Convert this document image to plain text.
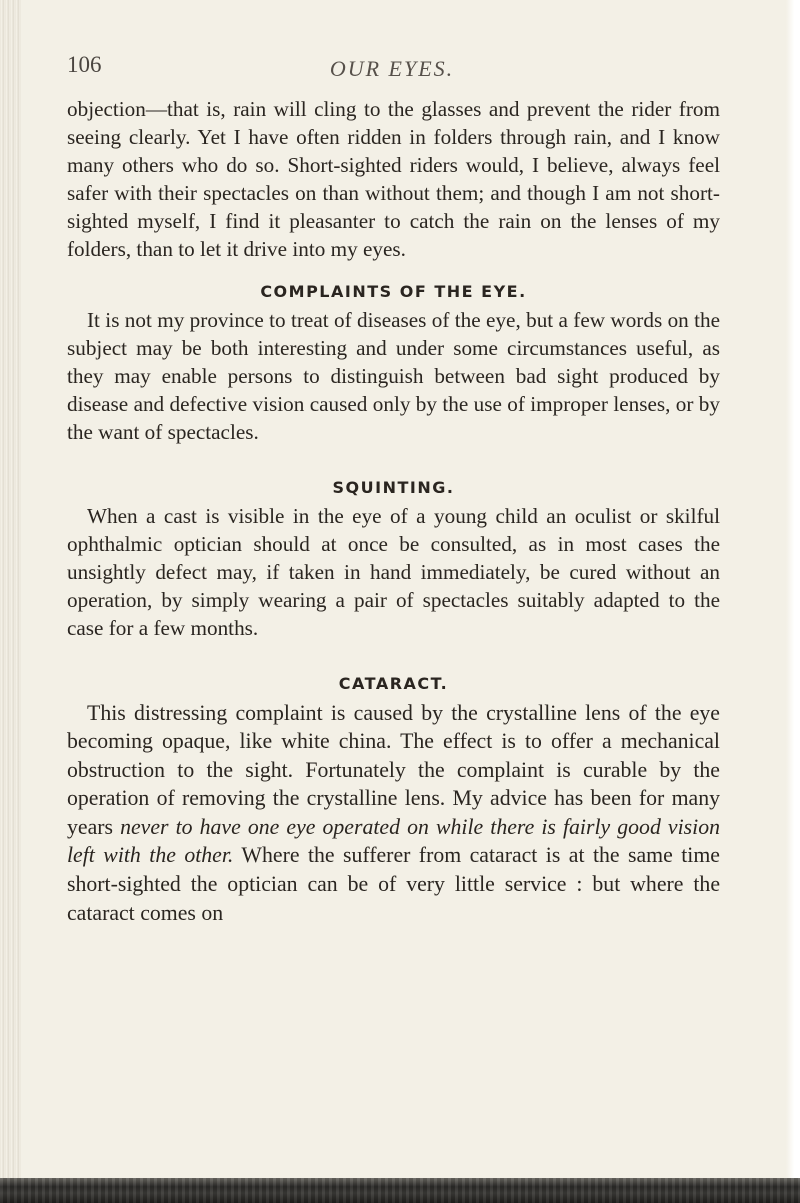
106	OUR EYES.

objection—that is, rain will cling to the glasses and prevent the rider from seeing clearly. Yet I have often ridden in folders through rain, and I know many others who do so. Short-sighted riders would, I believe, always feel safer with their spectacles on than without them; and though I am not short-sighted myself, I find it pleasanter to catch the rain on the lenses of my folders, than to let it drive into my eyes.

COMPLAINTS OF THE EYE.

It is not my province to treat of diseases of the eye, but a few words on the subject may be both interesting and under some circumstances useful, as they may enable persons to distinguish between bad sight produced by disease and defective vision caused only by the use of improper lenses, or by the want of spectacles.

SQUINTING.

When a cast is visible in the eye of a young child an oculist or skilful ophthalmic optician should at once be consulted, as in most cases the unsightly defect may, if taken in hand immediately, be cured without an operation, by simply wearing a pair of spectacles suitably adapted to the case for a few months.

CATARACT.

This distressing complaint is caused by the crystalline lens of the eye becoming opaque, like white china. The effect is to offer a mechanical obstruction to the sight. Fortunately the complaint is curable by the operation of removing the crystalline lens. My advice has been for many years never to have one eye operated on while there is fairly good vision left with the other. Where the sufferer from cataract is at the same time short-sighted the optician can be of very little service : but where the cataract comes on
